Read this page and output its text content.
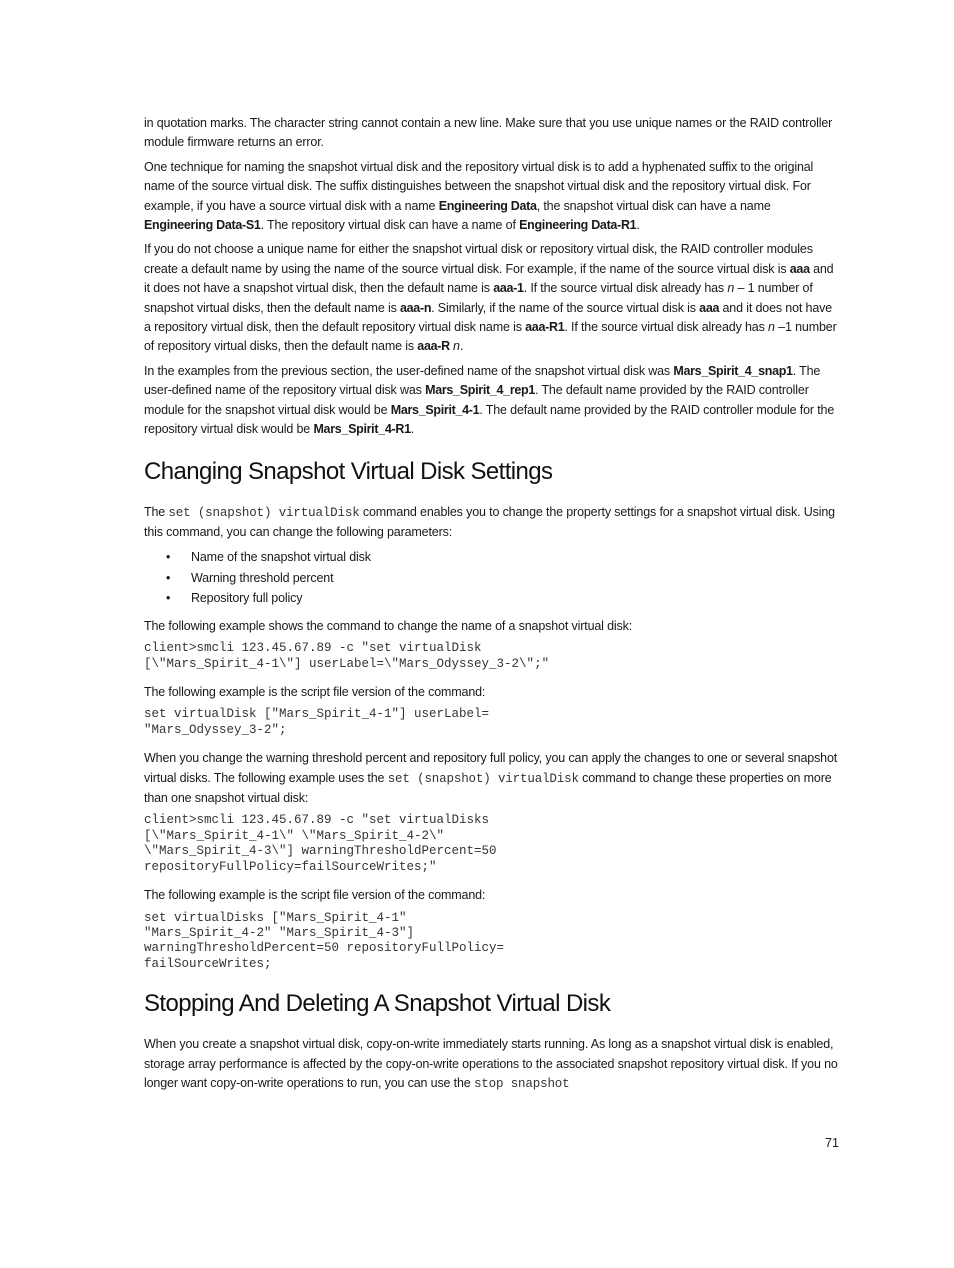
in quotation marks. The character string cannot contain a new line. Make sure that you use unique names or the RAID controller module firmware returns an error.

One technique for naming the snapshot virtual disk and the repository virtual disk is to add a hyphenated suffix to the original name of the source virtual disk. The suffix distinguishes between the snapshot virtual disk and the repository virtual disk. For example, if you have a source virtual disk with a name Engineering Data, the snapshot virtual disk can have a name Engineering Data-S1. The repository virtual disk can have a name of Engineering Data-R1.

If you do not choose a unique name for either the snapshot virtual disk or repository virtual disk, the RAID controller modules create a default name by using the name of the source virtual disk. For example, if the name of the source virtual disk is aaa and it does not have a snapshot virtual disk, then the default name is aaa-1. If the source virtual disk already has n – 1 number of snapshot virtual disks, then the default name is aaa-n. Similarly, if the name of the source virtual disk is aaa and it does not have a repository virtual disk, then the default repository virtual disk name is aaa-R1. If the source virtual disk already has n –1 number of repository virtual disks, then the default name is aaa-R n.

In the examples from the previous section, the user-defined name of the snapshot virtual disk was Mars_Spirit_4_snap1. The user-defined name of the repository virtual disk was Mars_Spirit_4_rep1. The default name provided by the RAID controller module for the snapshot virtual disk would be Mars_Spirit_4-1. The default name provided by the RAID controller module for the repository virtual disk would be Mars_Spirit_4-R1.

Changing Snapshot Virtual Disk Settings

The set (snapshot) virtualDisk command enables you to change the property settings for a snapshot virtual disk. Using this command, you can change the following parameters:

• Name of the snapshot virtual disk
• Warning threshold percent
• Repository full policy

The following example shows the command to change the name of a snapshot virtual disk:

client>smcli 123.45.67.89 -c "set virtualDisk
[\"Mars_Spirit_4-1\"] userLabel=\"Mars_Odyssey_3-2\";"

The following example is the script file version of the command:

set virtualDisk ["Mars_Spirit_4-1"] userLabel=
"Mars_Odyssey_3-2";

When you change the warning threshold percent and repository full policy, you can apply the changes to one or several snapshot virtual disks. The following example uses the set (snapshot) virtualDisk command to change these properties on more than one snapshot virtual disk:

client>smcli 123.45.67.89 -c "set virtualDisks
[\"Mars_Spirit_4-1\" \"Mars_Spirit_4-2\"
\"Mars_Spirit_4-3\"] warningThresholdPercent=50
repositoryFullPolicy=failSourceWrites;"

The following example is the script file version of the command:

set virtualDisks ["Mars_Spirit_4-1"
"Mars_Spirit_4-2" "Mars_Spirit_4-3"]
warningThresholdPercent=50 repositoryFullPolicy=
failSourceWrites;
Stopping And Deleting A Snapshot Virtual Disk

When you create a snapshot virtual disk, copy-on-write immediately starts running. As long as a snapshot virtual disk is enabled, storage array performance is affected by the copy-on-write operations to the associated snapshot repository virtual disk. If you no longer want copy-on-write operations to run, you can use the stop snapshot

71
